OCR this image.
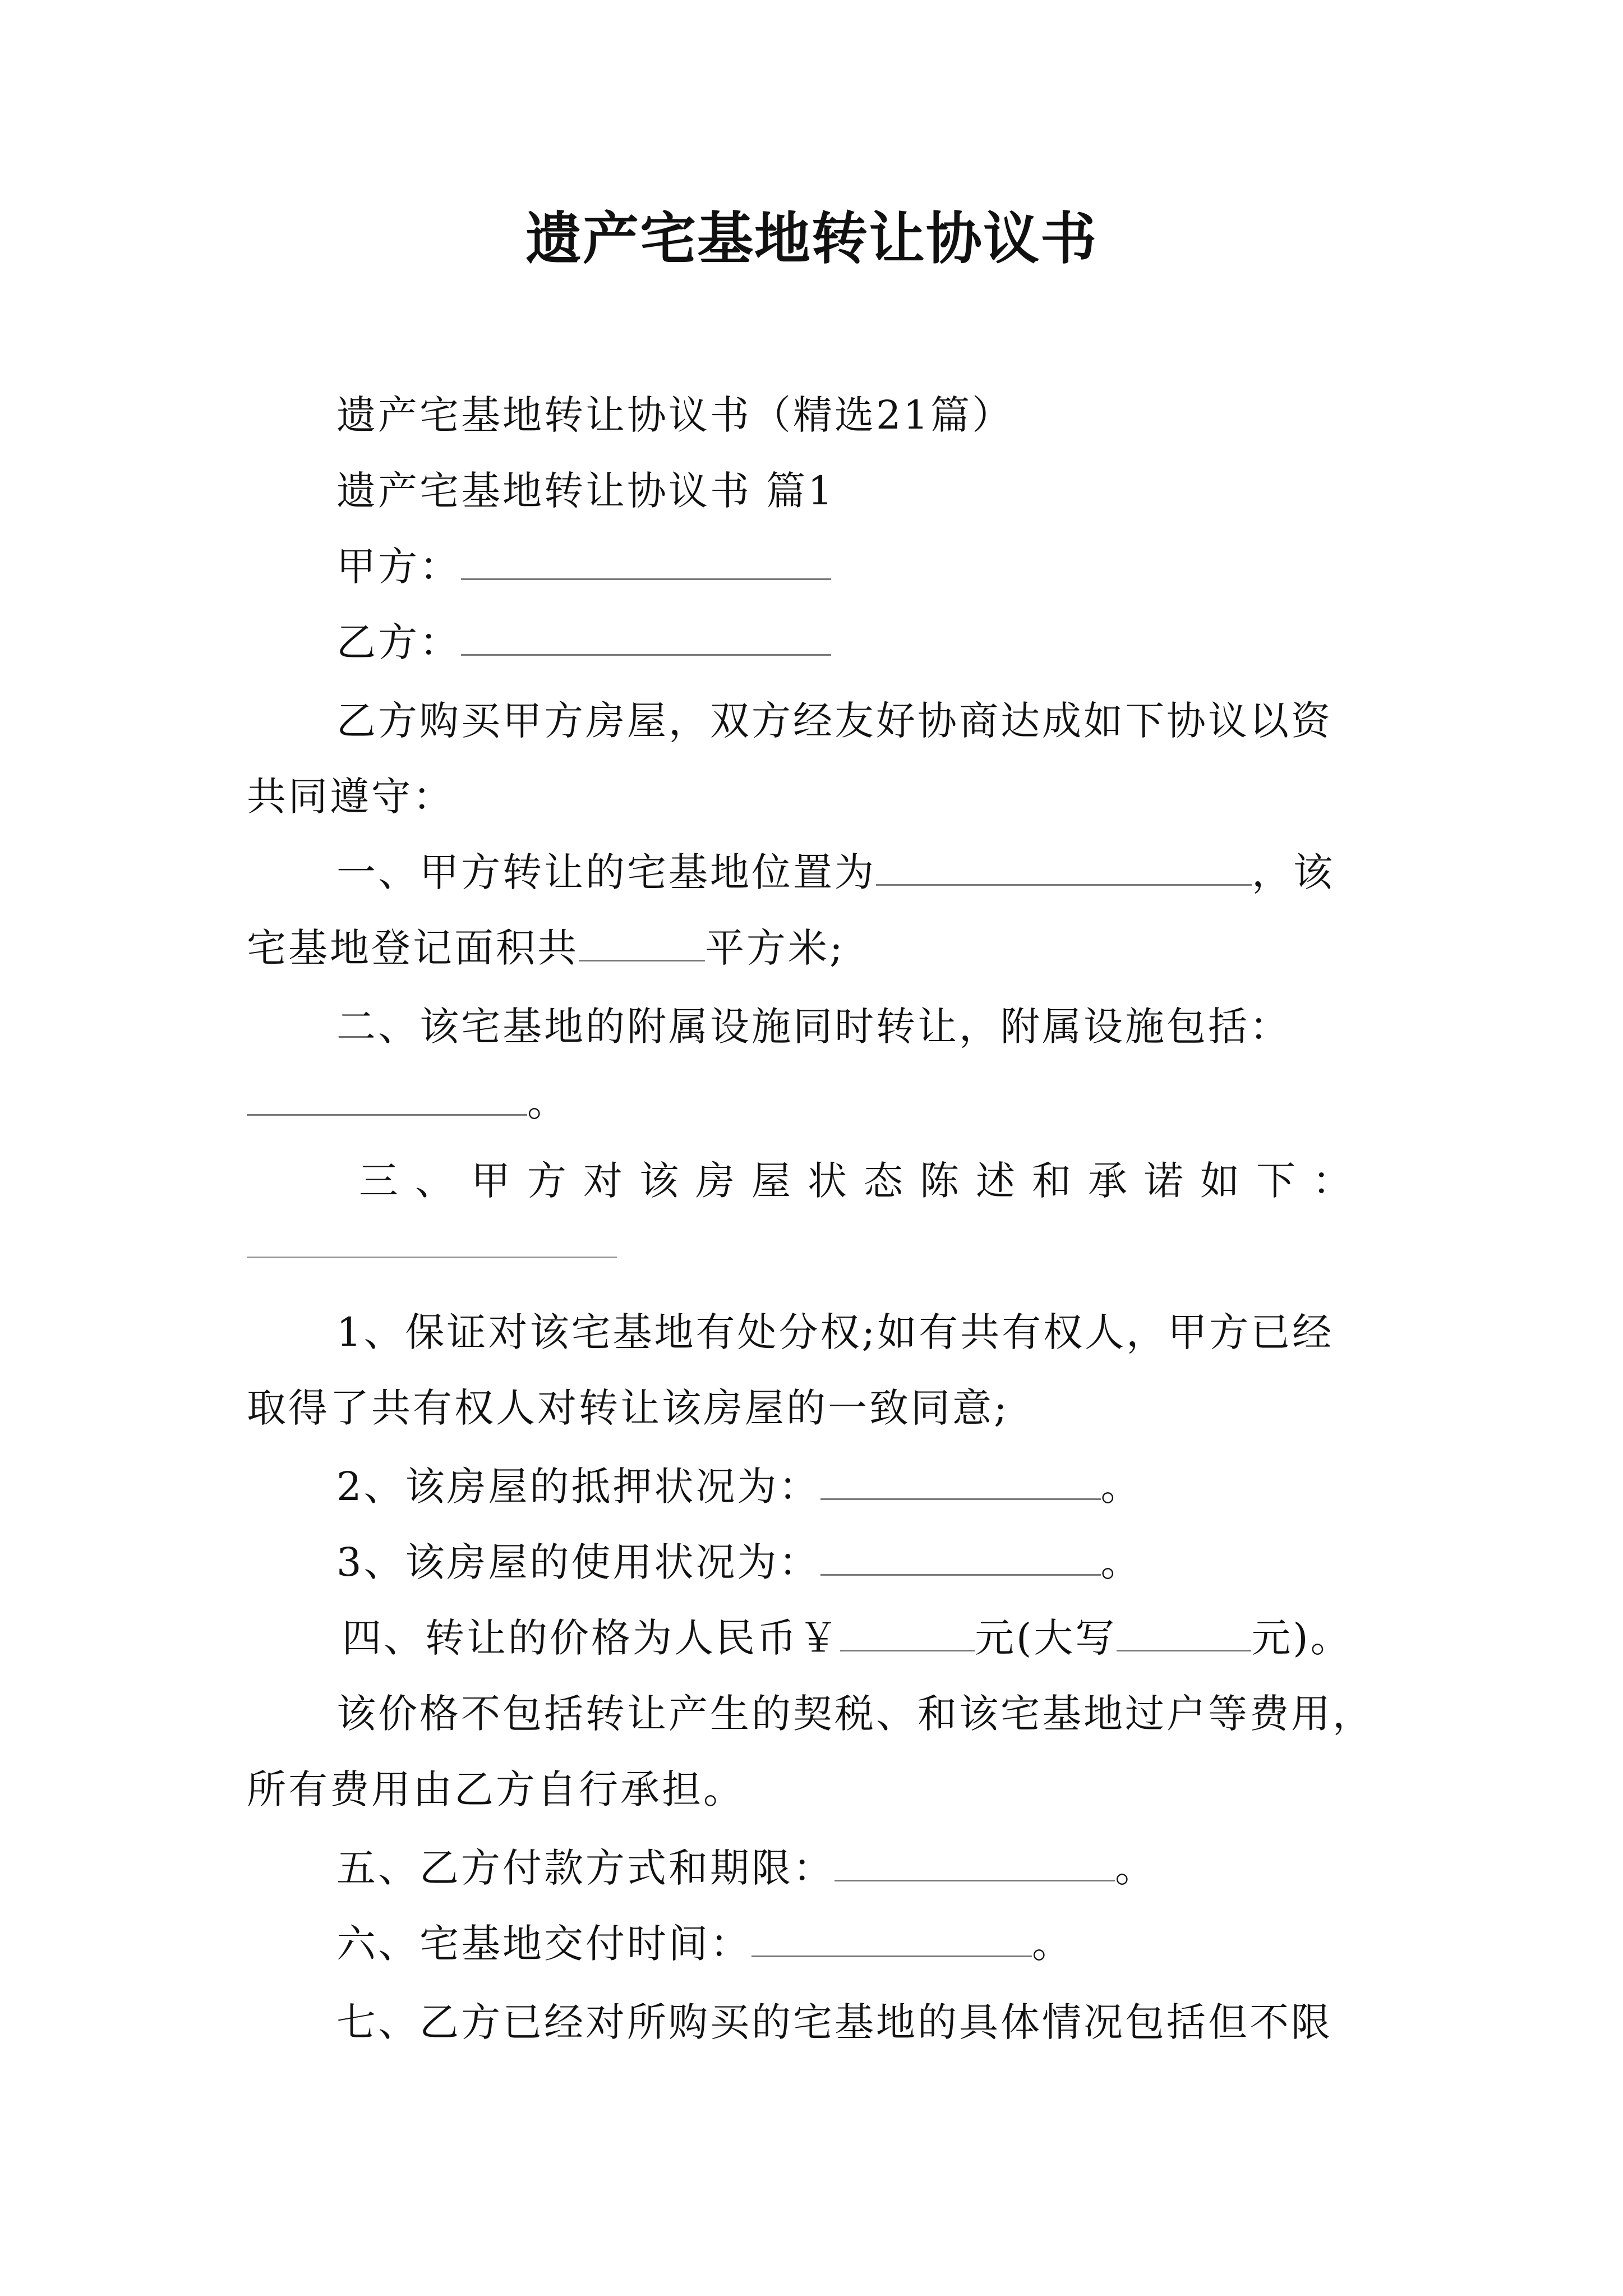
遗产宅基地转让协议书
遗产宅基地转让协议书（精选21篇）
遗产宅基地转让协议书 篇1
甲方：
乙方：
乙方购买甲方房屋，双方经友好协商达成如下协议以资
共同遵守：
一、甲方转让的宅基地位置为	，该
宅基地登记面积共	平方米;
二、该宅基地的附属设施同时转让，附属设施包括：
。
三、甲方对该房屋状态陈述和承诺如下：
1、保证对该宅基地有处分权;如有共有权人，甲方已经
取得了共有权人对转让该房屋的一致同意;
2、该房屋的抵押状况为：	。
3、该房屋的使用状况为：	。
四、转让的价格为人民币￥	元(大写	元)。
该价格不包括转让产生的契税、和该宅基地过户等费用，
所有费用由乙方自行承担。
五、乙方付款方式和期限：	。
六、宅基地交付时间：	。
七、乙方已经对所购买的宅基地的具体情况包括但不限
